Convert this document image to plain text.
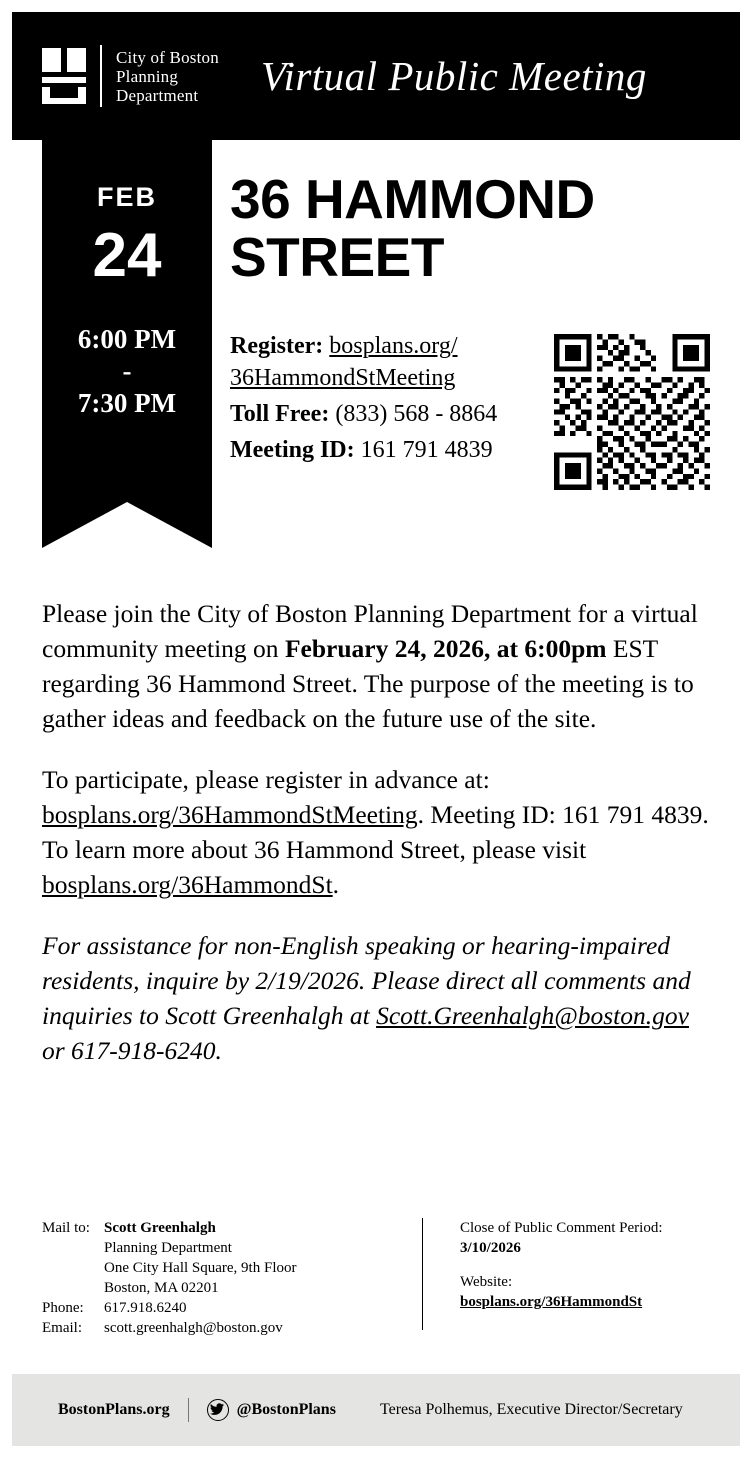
City of Boston
Planning
Department	Virtual Public Meeting
FEB
24
6:00 PM
-
7:30 PM
36 HAMMOND STREET
Register: bosplans.org/
36HammondStMeeting
Toll Free: (833) 568 - 8864
Meeting ID: 161 791 4839

Please join the City of Boston Planning Department for a virtual community meeting on February 24, 2026, at 6:00pm EST regarding 36 Hammond Street. The purpose of the meeting is to gather ideas and feedback on the future use of the site.

To participate, please register in advance at: bosplans.org/36HammondStMeeting. Meeting ID: 161 791 4839. To learn more about 36 Hammond Street, please visit bosplans.org/36HammondSt.

For assistance for non-English speaking or hearing-impaired residents, inquire by 2/19/2026. Please direct all comments and inquiries to Scott Greenhalgh at Scott.Greenhalgh@boston.gov or 617-918-6240.

Mail to: Scott Greenhalgh
Planning Department
One City Hall Square, 9th Floor
Boston, MA 02201
Phone:	617.918.6240
Email:	scott.greenhalgh@boston.gov
Close of Public Comment Period:
3/10/2026
Website:
bosplans.org/36HammondSt
BostonPlans.org	@BostonPlans	Teresa Polhemus, Executive Director/Secretary
